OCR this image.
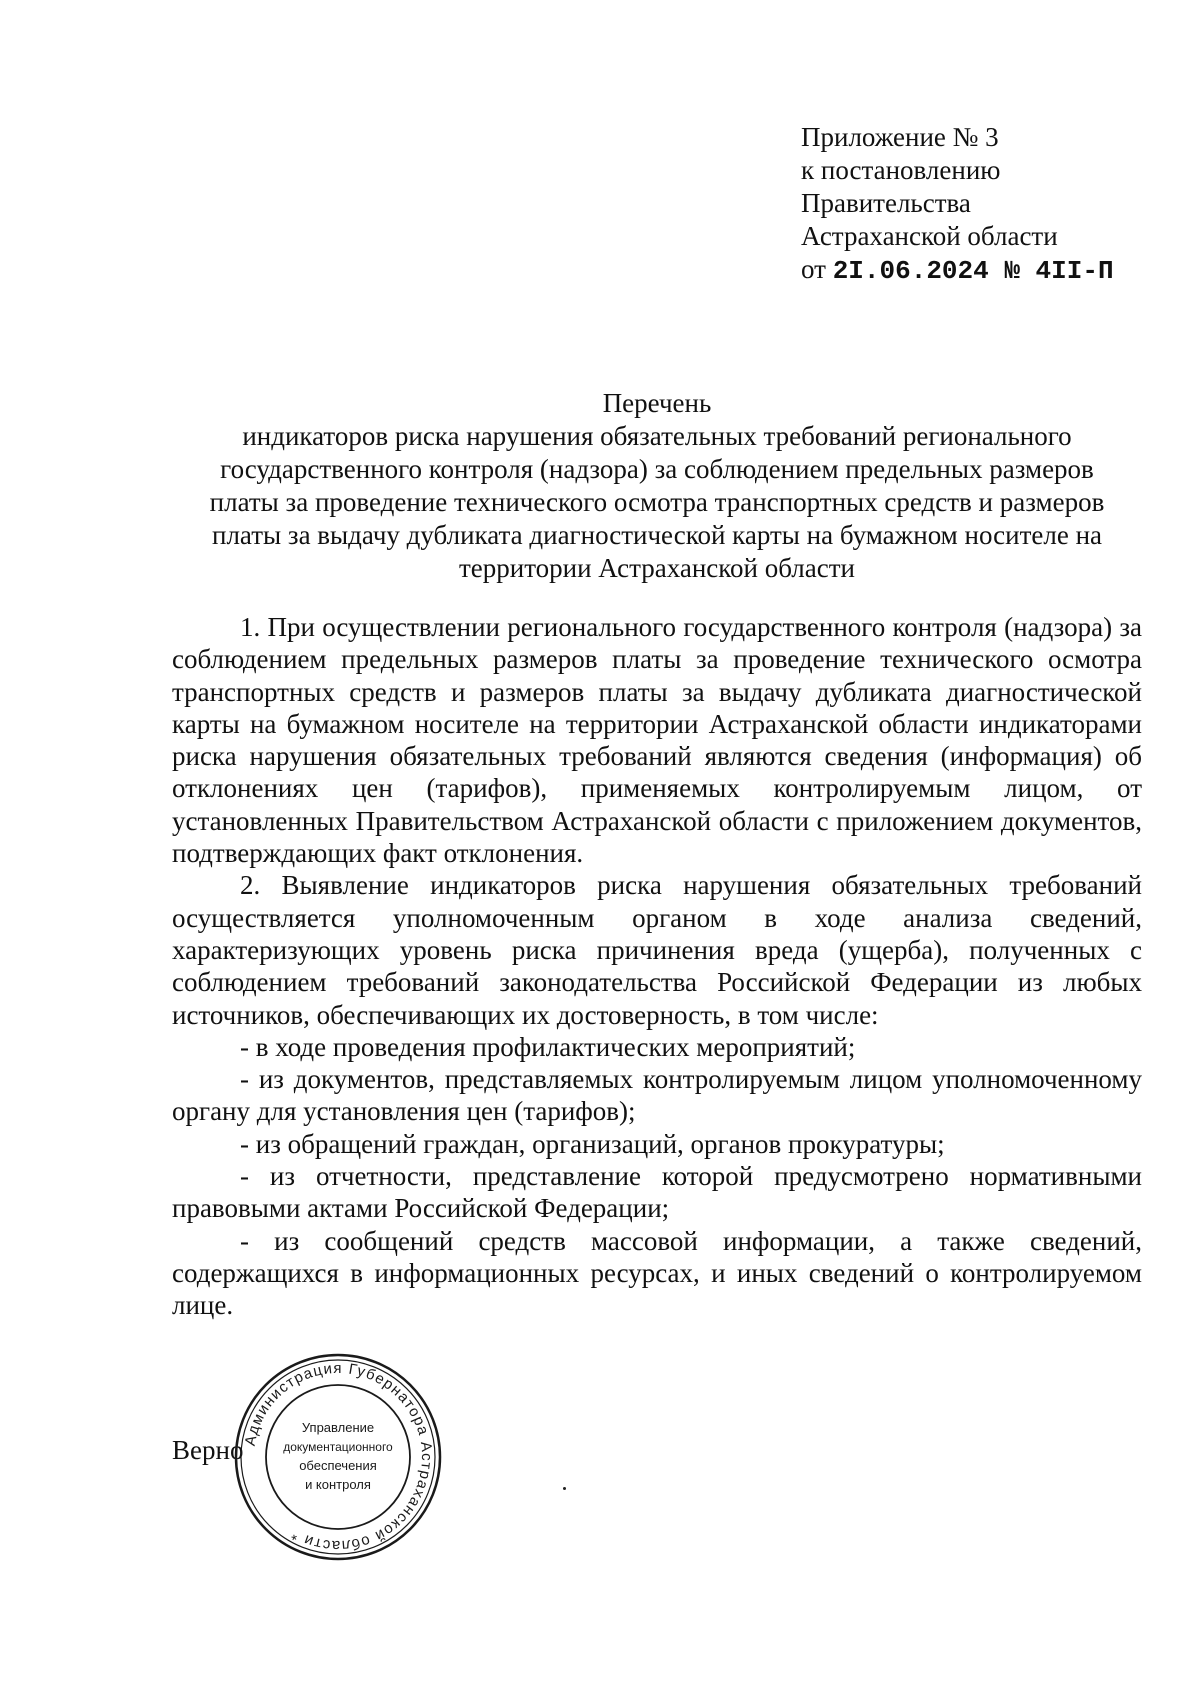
Приложение № 3
к постановлению
Правительства
Астраханской области
от 2I.06.2024 № 4II-П
Перечень
индикаторов риска нарушения обязательных требований регионального
государственного контроля (надзора) за соблюдением предельных размеров
платы за проведение технического осмотра транспортных средств и размеров
платы за выдачу дубликата диагностической карты на бумажном носителе на
территории Астраханской области

1. При осуществлении регионального государственного контроля (надзора) за соблюдением предельных размеров платы за проведение технического осмотра транспортных средств и размеров платы за выдачу дубликата диагностической карты на бумажном носителе на территории Астраханской области индикаторами риска нарушения обязательных требований являются сведения (информация) об отклонениях цен (тарифов), применяемых контролируемым лицом, от установленных Правительством Астраханской области с приложением документов, подтверждающих факт отклонения.

2. Выявление индикаторов риска нарушения обязательных требований осуществляется уполномоченным органом в ходе анализа сведений, характеризующих уровень риска причинения вреда (ущерба), полученных с соблюдением требований законодательства Российской Федерации из любых источников, обеспечивающих их достоверность, в том числе:

- в ходе проведения профилактических мероприятий;

- из документов, представляемых контролируемым лицом уполномоченному органу для установления цен (тарифов);

- из обращений граждан, организаций, органов прокуратуры;

- из отчетности, представление которой предусмотрено нормативными правовыми актами Российской Федерации;

- из сообщений средств массовой информации, а также сведений, содержащихся в информационных ресурсах, и иных сведений о контролируемом лице.

Верно
Администрация Губернатора Астраханской области *
Управление
документационного
обеспечения
и контроля
